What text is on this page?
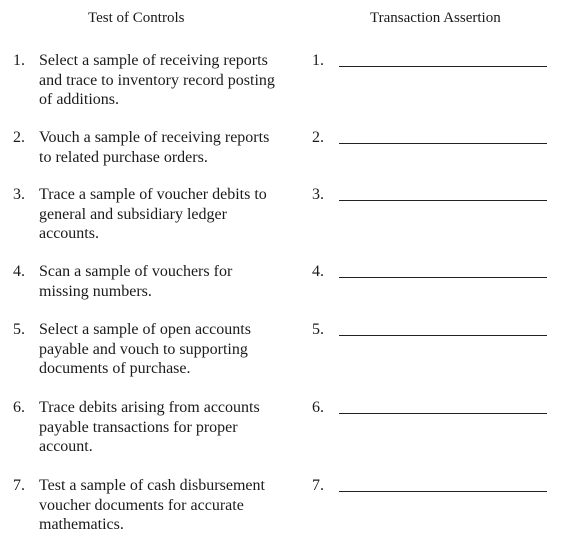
Test of Controls	Transaction Assertion
1. Select a sample of receiving reports
and trace to inventory record posting
of additions.
1.
2. Vouch a sample of receiving reports
to related purchase orders.
2.
3. Trace a sample of voucher debits to
general and subsidiary ledger
accounts.
3.
4. Scan a sample of vouchers for
missing numbers.
4.
5. Select a sample of open accounts
payable and vouch to supporting
documents of purchase.
5.
6. Trace debits arising from accounts
payable transactions for proper
account.
6.
7. Test a sample of cash disbursement
voucher documents for accurate
mathematics.
7.
